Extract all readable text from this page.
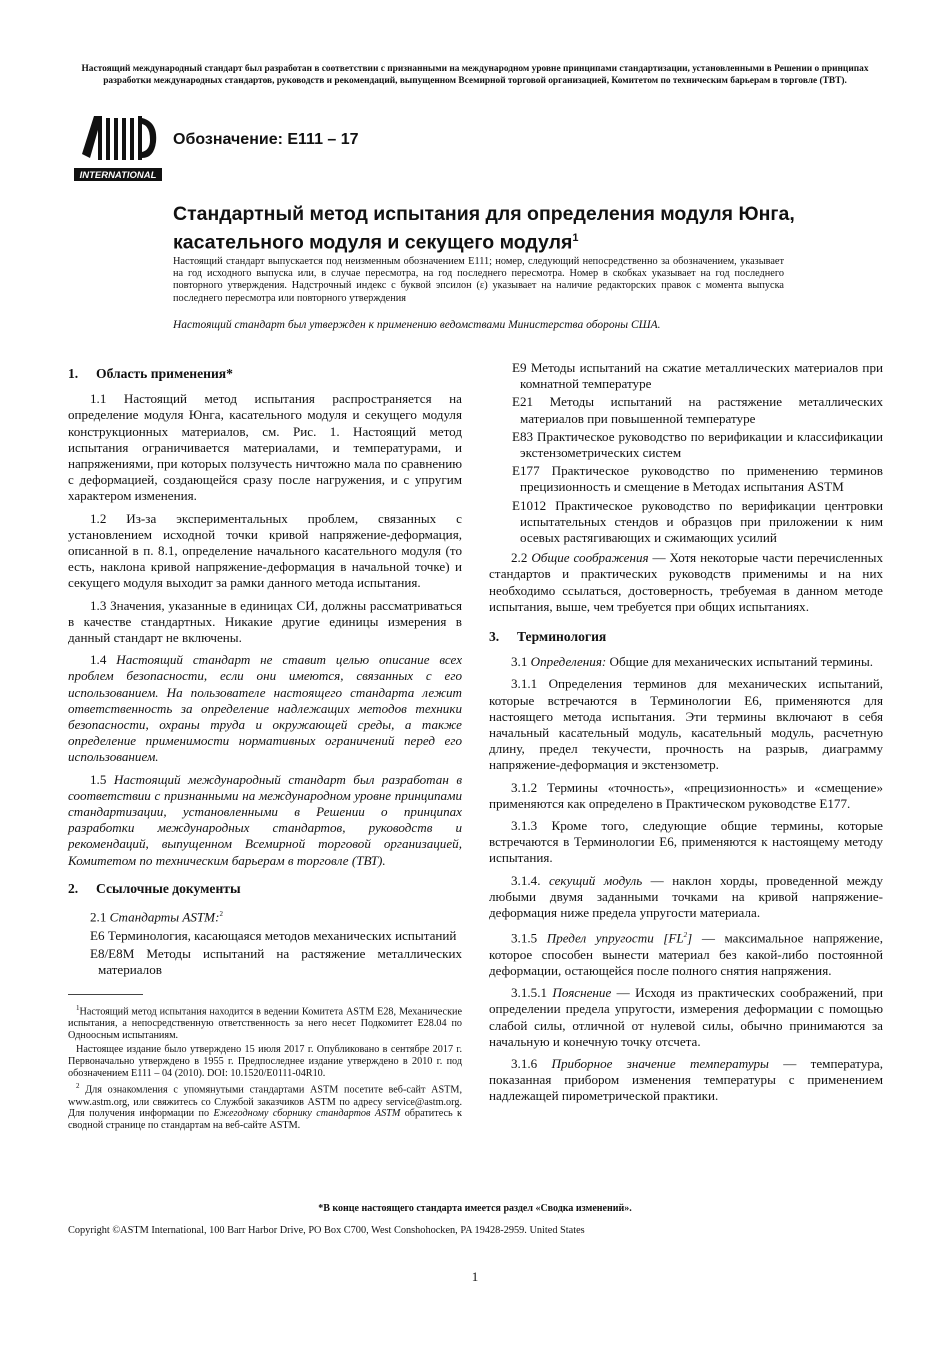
Настоящий международный стандарт был разработан в соответствии с признанными на международном уровне принципами стандартизации, установленными в Решении о принципах разработки международных стандартов, руководств и рекомендаций, выпущенном Всемирной торговой организацией, Комитетом по техническим барьерам в торговле (ТВТ).
INTERNATIONAL
Обозначение: E111 – 17
Стандартный метод испытания для определения модуля Юнга, касательного модуля и секущего модуля$^1$
Настоящий стандарт выпускается под неизменным обозначением E111; номер, следующий непосредственно за обозначением, указывает на год исходного выпуска или, в случае пересмотра, на год последнего пересмотра. Номер в скобках указывает на год последнего повторного утверждения. Надстрочный индекс с буквой эпсилон (ε) указывает на наличие редакторских правок с момента выпуска последнего пересмотра или повторного утверждения
Настоящий стандарт был утвержден к применению ведомствами Министерства обороны США.
1. Область применения*

1.1 Настоящий метод испытания распространяется на определение модуля Юнга, касательного модуля и секущего модуля конструкционных материалов, см. Рис. 1. Настоящий метод испытания ограничивается материалами, и температурами, и напряжениями, при которых ползучесть ничтожно мала по сравнению с деформацией, создающейся сразу после нагружения, и с упругим характером изменения.

1.2 Из-за экспериментальных проблем, связанных с установлением исходной точки кривой напряжение-деформация, описанной в п. 8.1, определение начального касательного модуля (то есть, наклона кривой напряжение-деформация в начальной точке) и секущего модуля выходит за рамки данного метода испытания.

1.3 Значения, указанные в единицах СИ, должны рассматриваться в качестве стандартных. Никакие другие единицы измерения в данный стандарт не включены.

1.4 Настоящий стандарт не ставит целью описание всех проблем безопасности, если они имеются, связанных с его использованием. На пользователе настоящего стандарта лежит ответственность за определение надлежащих методов техники безопасности, охраны труда и окружающей среды, а также определение применимости нормативных ограничений перед его использованием.

1.5 Настоящий международный стандарт был разработан в соответствии с признанными на международном уровне принципами стандартизации, установленными в Решении о принципах разработки международных стандартов, руководств и рекомендаций, выпущенном Всемирной торговой организацией, Комитетом по техническим барьерам в торговле (ТВТ).

2. Ссылочные документы

2.1 Стандарты ASTM:$^2$

E6 Терминология, касающаяся методов механических испытаний
E8/E8M Методы испытаний на растяжение металлических материалов
$^1$Настоящий метод испытания находится в ведении Комитета ASTM E28, Механические испытания, а непосредственную ответственность за него несет Подкомитет E28.04 по Одноосным испытаниям.
Настоящее издание было утверждено 15 июля 2017 г. Опубликовано в сентябре 2017 г. Первоначально утверждено в 1955 г. Предпоследнее издание утверждено в 2010 г. под обозначением E111 – 04 (2010). DOI: 10.1520/E0111-04R10.
$^2$ Для ознакомления с упомянутыми стандартами ASTM посетите веб-сайт ASTM, www.astm.org, или свяжитесь со Службой заказчиков ASTM по адресу service@astm.org. Для получения информации по Ежегодному сборнику стандартов ASTM обратитесь к сводной странице по стандартам на веб-сайте ASTM.
E9 Методы испытаний на сжатие металлических материалов при комнатной температуре
E21 Методы испытаний на растяжение металлических материалов при повышенной температуре
E83 Практическое руководство по верификации и классификации экстензометрических систем
E177 Практическое руководство по применению терминов прецизионность и смещение в Методах испытания ASTM
E1012 Практическое руководство по верификации центровки испытательных стендов и образцов при приложении к ним осевых растягивающих и сжимающих усилий

2.2 Общие соображения — Хотя некоторые части перечисленных стандартов и практических руководств применимы и на них необходимо ссылаться, достоверность, требуемая в данном методе испытания, выше, чем требуется при общих испытаниях.

3. Терминология

3.1 Определения: Общие для механических испытаний термины.

3.1.1 Определения терминов для механических испытаний, которые встречаются в Терминологии E6, применяются для настоящего метода испытания. Эти термины включают в себя начальный касательный модуль, касательный модуль, расчетную длину, предел текучести, прочность на разрыв, диаграмму напряжение-деформация и экстензометр.

3.1.2 Термины «точность», «прецизионность» и «смещение» применяются как определено в Практическом руководстве E177.

3.1.3 Кроме того, следующие общие термины, которые встречаются в Терминологии E6, применяются к настоящему методу испытания.

3.1.4. секущий модуль — наклон хорды, проведенной между любыми двумя заданными точками на кривой напряжение-деформация ниже предела упругости материала.

3.1.5 Предел упругости $[FL^2]$ — максимальное напряжение, которое способен вынести материал без какой-либо постоянной деформации, остающейся после полного снятия напряжения.

3.1.5.1 Пояснение — Исходя из практических соображений, при определении предела упругости, измерения деформации с помощью слабой силы, отличной от нулевой силы, обычно принимаются за начальную и конечную точку отсчета.

3.1.6 Приборное значение температуры — температура, показанная прибором изменения температуры с применением надлежащей пирометрической практики.

*В конце настоящего стандарта имеется раздел «Сводка изменений».
Copyright ©ASTM International, 100 Barr Harbor Drive, PO Box C700, West Conshohocken, PA 19428-2959. United States
1
